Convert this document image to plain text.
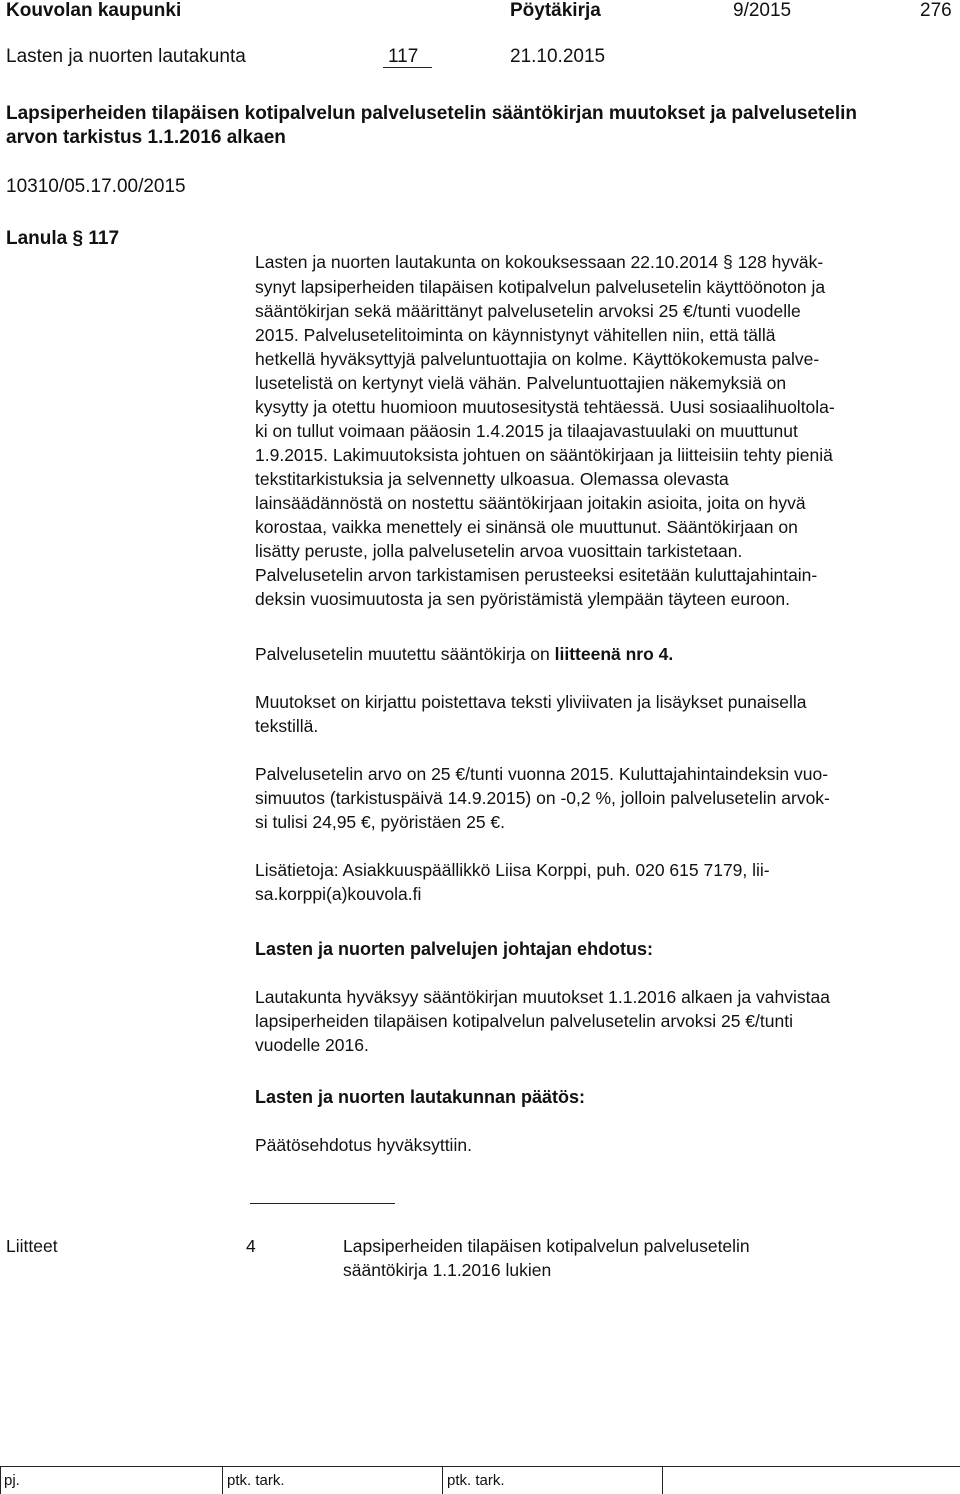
Kouvolan kaupunki	Pöytäkirja	9/2015	276
Lasten ja nuorten lautakunta	117	21.10.2015
Lapsiperheiden tilapäisen kotipalvelun palvelusetelin sääntökirjan muutokset ja palvelusetelin
arvon tarkistus 1.1.2016 alkaen
10310/05.17.00/2015
Lanula § 117
Lasten ja nuorten lautakunta on kokouksessaan 22.10.2014 § 128 hyväk-
synyt lapsiperheiden tilapäisen kotipalvelun palvelusetelin käyttöönoton ja
sääntökirjan sekä määrittänyt palvelusetelin arvoksi 25 €/tunti vuodelle
2015. Palvelusetelitoiminta on käynnistynyt vähitellen niin, että tällä
hetkellä hyväksyttyjä palveluntuottajia on kolme. Käyttökokemusta palve-
lusetelistä on kertynyt vielä vähän. Palveluntuottajien näkemyksiä on
kysytty ja otettu huomioon muutosesitystä tehtäessä. Uusi sosiaalihuoltola-
ki on tullut voimaan pääosin 1.4.2015 ja tilaajavastuulaki on muuttunut
1.9.2015. Lakimuutoksista johtuen on sääntökirjaan ja liitteisiin tehty pieniä
tekstitarkistuksia ja selvennetty ulkoasua. Olemassa olevasta
lainsäädännöstä on nostettu sääntökirjaan joitakin asioita, joita on hyvä
korostaa, vaikka menettely ei sinänsä ole muuttunut. Sääntökirjaan on
lisätty peruste, jolla palvelusetelin arvoa vuosittain tarkistetaan.
Palvelusetelin arvon tarkistamisen perusteeksi esitetään kuluttajahintain-
deksin vuosimuutosta ja sen pyöristämistä ylempään täyteen euroon.
Palvelusetelin muutettu sääntökirja on liitteenä nro 4.
Muutokset on kirjattu poistettava teksti yliviivaten ja lisäykset punaisella
tekstillä.
Palvelusetelin arvo on 25 €/tunti vuonna 2015. Kuluttajahintaindeksin vuo-
simuutos (tarkistuspäivä 14.9.2015) on -0,2 %, jolloin palvelusetelin arvok-
si tulisi 24,95 €, pyöristäen 25 €.
Lisätietoja: Asiakkuuspäällikkö Liisa Korppi, puh. 020 615 7179, lii-
sa.korppi(a)kouvola.fi
Lasten ja nuorten palvelujen johtajan ehdotus:
Lautakunta hyväksyy sääntökirjan muutokset 1.1.2016 alkaen ja vahvistaa
lapsiperheiden tilapäisen kotipalvelun palvelusetelin arvoksi 25 €/tunti
vuodelle 2016.
Lasten ja nuorten lautakunnan päätös:
Päätösehdotus hyväksyttiin.
Liitteet	4	Lapsiperheiden tilapäisen kotipalvelun palvelusetelin
sääntökirja 1.1.2016 lukien
pj.	ptk. tark.	ptk. tark.
